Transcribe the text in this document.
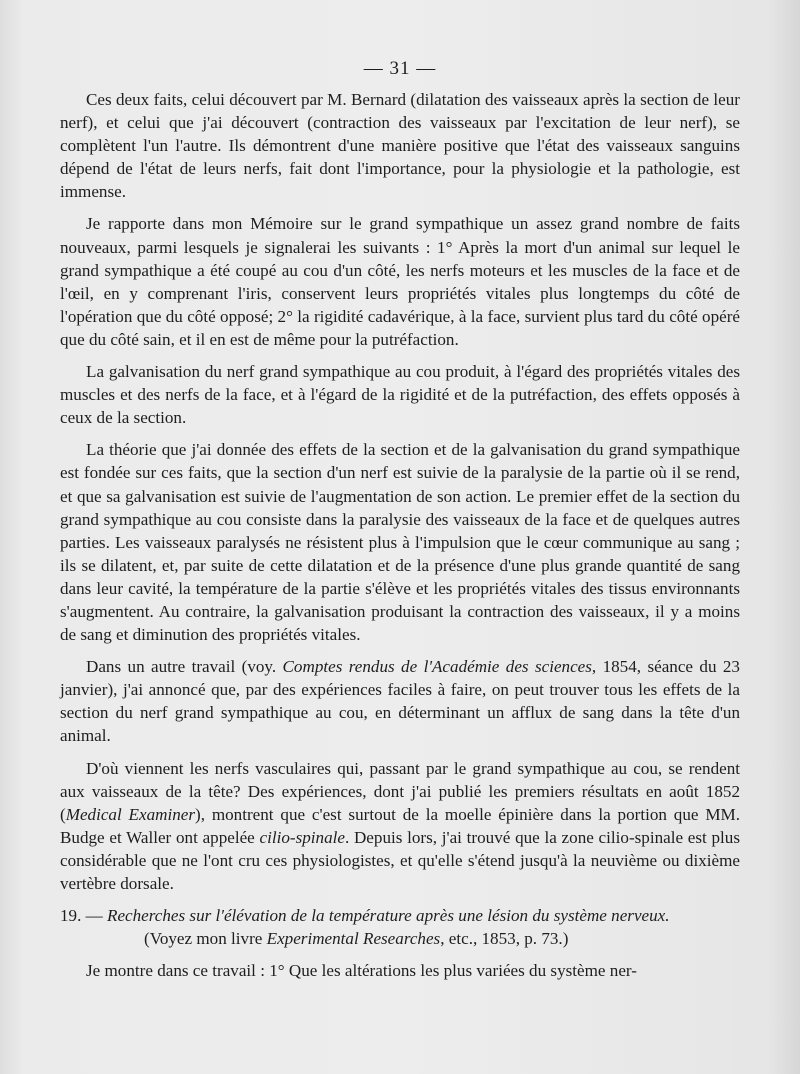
— 31 —

Ces deux faits, celui découvert par M. Bernard (dilatation des vaisseaux après la section de leur nerf), et celui que j'ai découvert (contraction des vaisseaux par l'excitation de leur nerf), se complètent l'un l'autre. Ils démontrent d'une manière positive que l'état des vaisseaux sanguins dépend de l'état de leurs nerfs, fait dont l'importance, pour la physiologie et la pathologie, est immense.

Je rapporte dans mon Mémoire sur le grand sympathique un assez grand nombre de faits nouveaux, parmi lesquels je signalerai les suivants : 1° Après la mort d'un animal sur lequel le grand sympathique a été coupé au cou d'un côté, les nerfs moteurs et les muscles de la face et de l'œil, en y comprenant l'iris, conservent leurs propriétés vitales plus longtemps du côté de l'opération que du côté opposé; 2° la rigidité cadavérique, à la face, survient plus tard du côté opéré que du côté sain, et il en est de même pour la putréfaction.

La galvanisation du nerf grand sympathique au cou produit, à l'égard des propriétés vitales des muscles et des nerfs de la face, et à l'égard de la rigidité et de la putréfaction, des effets opposés à ceux de la section.

La théorie que j'ai donnée des effets de la section et de la galvanisation du grand sympathique est fondée sur ces faits, que la section d'un nerf est suivie de la paralysie de la partie où il se rend, et que sa galvanisation est suivie de l'augmentation de son action. Le premier effet de la section du grand sympathique au cou consiste dans la paralysie des vaisseaux de la face et de quelques autres parties. Les vaisseaux paralysés ne résistent plus à l'impulsion que le cœur communique au sang ; ils se dilatent, et, par suite de cette dilatation et de la présence d'une plus grande quantité de sang dans leur cavité, la température de la partie s'élève et les propriétés vitales des tissus environnants s'augmentent. Au contraire, la galvanisation produisant la contraction des vaisseaux, il y a moins de sang et diminution des propriétés vitales.

Dans un autre travail (voy. Comptes rendus de l'Académie des sciences, 1854, séance du 23 janvier), j'ai annoncé que, par des expériences faciles à faire, on peut trouver tous les effets de la section du nerf grand sympathique au cou, en déterminant un afflux de sang dans la tête d'un animal.

D'où viennent les nerfs vasculaires qui, passant par le grand sympathique au cou, se rendent aux vaisseaux de la tête? Des expériences, dont j'ai publié les premiers résultats en août 1852 (Medical Examiner), montrent que c'est surtout de la moelle épinière dans la portion que MM. Budge et Waller ont appelée cilio-spinale. Depuis lors, j'ai trouvé que la zone cilio-spinale est plus considérable que ne l'ont cru ces physiologistes, et qu'elle s'étend jusqu'à la neuvième ou dixième vertèbre dorsale.

19. — Recherches sur l'élévation de la température après une lésion du système nerveux.

(Voyez mon livre Experimental Researches, etc., 1853, p. 73.)

Je montre dans ce travail : 1° Que les altérations les plus variées du système ner-
